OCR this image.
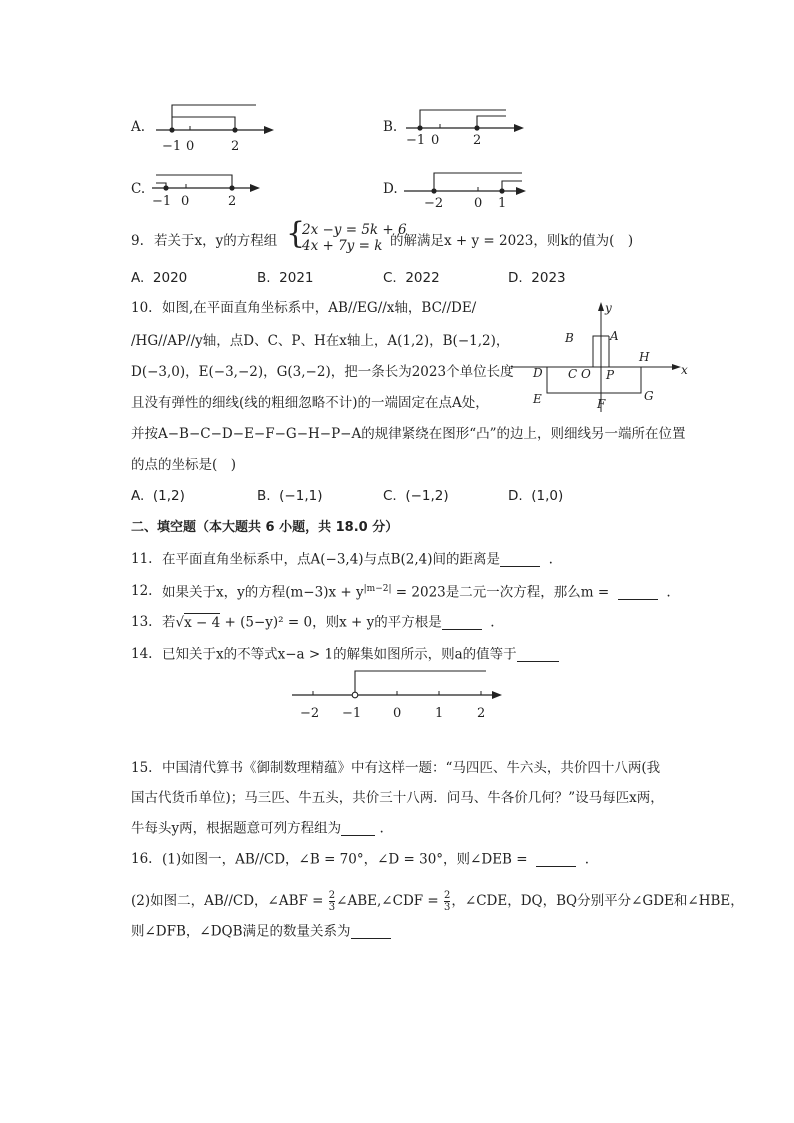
A.
−1 0	2
B.
−1 0	2
C.
−1 0	2
D.
−2 0 1
9. 若关于x，y的方程组 {
2x −y = 5k + 6
4x + 7y = k 的解满足x + y = 2023，则k的值为(　)
A. 2020	B. 2021	C. 2022	D. 2023
10. 如图,在平面直角坐标系中，AB//EG//x轴，BC//DE/
/HG//AP//y轴，点D、C、P、H在x轴上，A(1,2)，B(−1,2)，
D(−3,0)，E(−3,−2)，G(3,−2)，把一条长为2023个单位长度
且没有弹性的细线(线的粗细忽略不计)的一端固定在点A处，
并按A−B−C−D−E−F−G−H−P−A的规律紧绕在图形“凸”的边上，则细线另一端所在位置
的点的坐标是(　)
y
x
B	A
H
D C O P
E	F
G
A. (1,2)	B. (−1,1)	C. (−1,2)	D. (1,0)
二、填空题（本大题共 6 小题，共 18.0 分）
11. 在平面直角坐标系中，点A(−3,4)与点B(2,4)间的距离是	.
12. 如果关于x，y的方程$(m-3)x + y^{|m-2|} = 2023$是二元一次方程，那么m =	.
13. 若√x − 4 + (5−y)² = 0，则x + y的平方根是	.
14. 已知关于x的不等式x−a > 1的解集如图所示，则a的值等于
−2 −1 0	1	2
15. 中国清代算书《御制数理精蕴》中有这样一题：“马四匹、牛六头，共价四十八两(我
国古代货币单位)；马三匹、牛五头，共价三十八两．问马、牛各价几何？”设马每匹x两，
牛每头y两，根据题意可列方程组为	.
16. (1)如图一，AB//CD，∠B = 70°，∠D = 30°，则∠DEB =	.
(2)如图二，AB//CD，∠ABF = $\frac{2}{3}$ ∠ABE,∠CDF = $\frac{2}{3}$ ，∠CDE，DQ，BQ分别平分∠GDE和∠HBE，
则∠DFB，∠DQB满足的数量关系为
